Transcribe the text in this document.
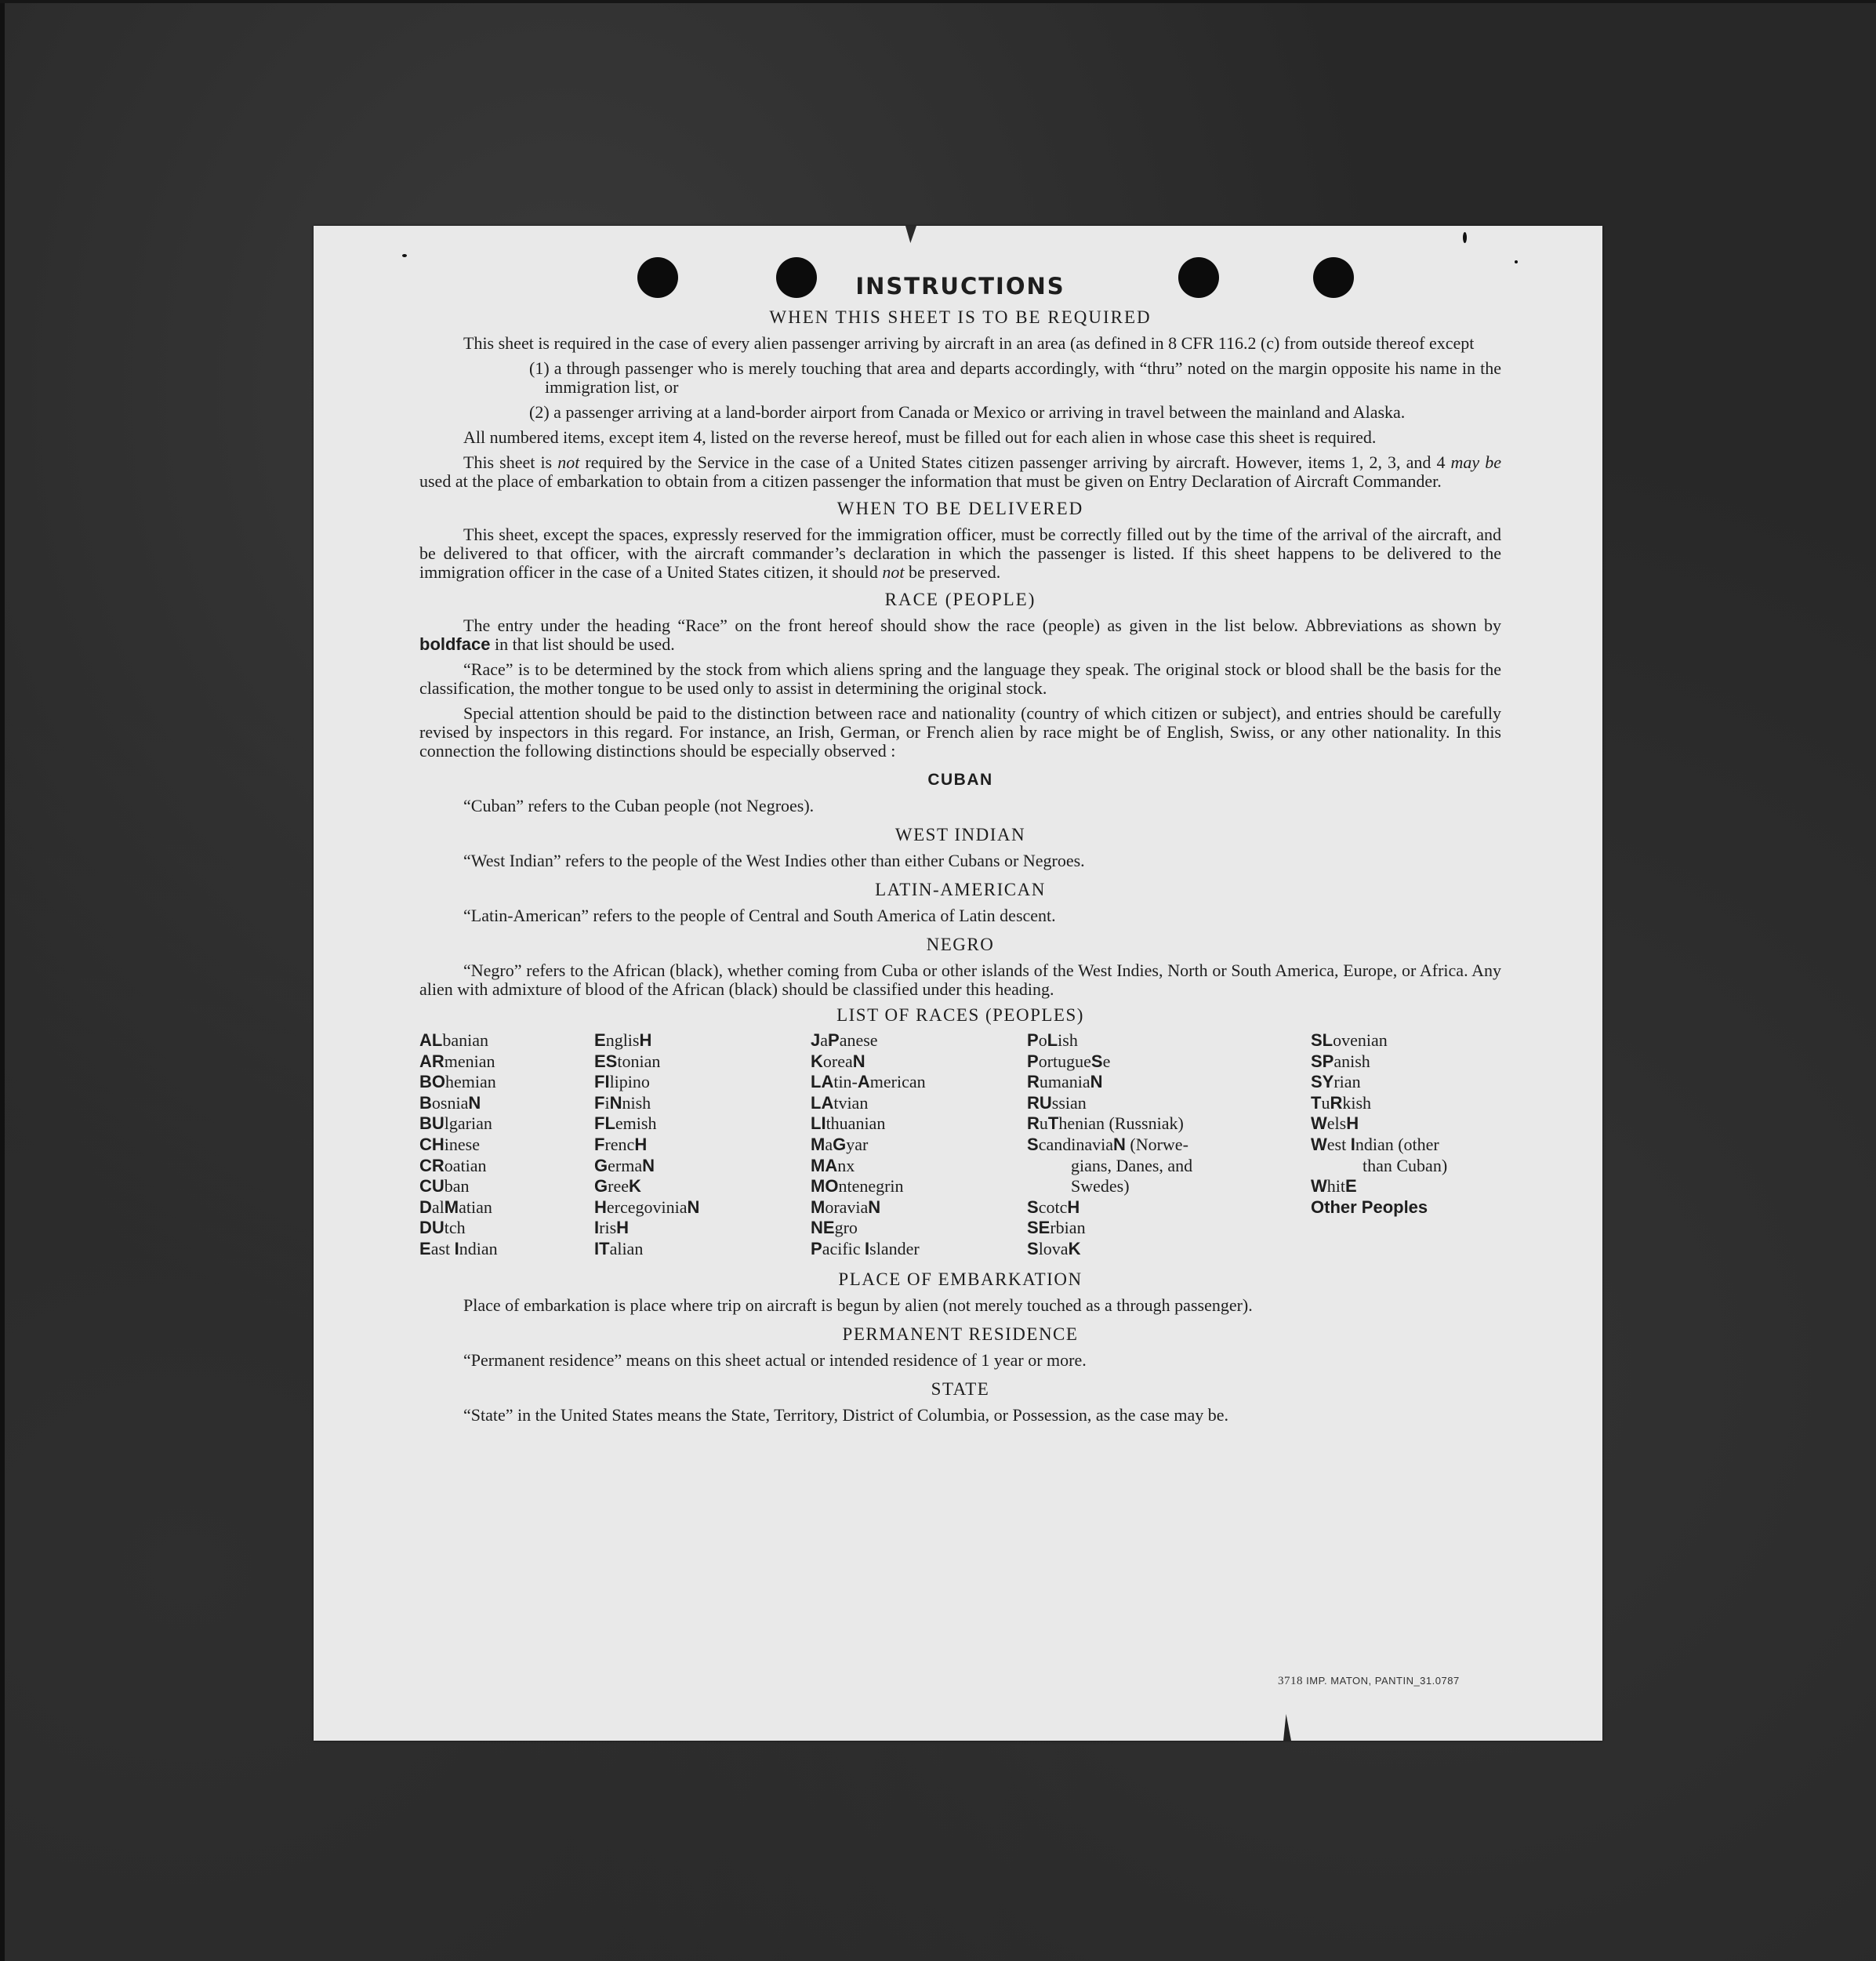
INSTRUCTIONS
WHEN THIS SHEET IS TO BE REQUIRED

This sheet is required in the case of every alien passenger arriving by aircraft in an area (as defined in 8 CFR 116.2 (c) from outside thereof except

(1) a through passenger who is merely touching that area and departs accordingly, with “thru” noted on the margin opposite his name in the immigration list, or

(2) a passenger arriving at a land-border airport from Canada or Mexico or arriving in travel between the mainland and Alaska.

All numbered items, except item 4, listed on the reverse hereof, must be filled out for each alien in whose case this sheet is required.

This sheet is not required by the Service in the case of a United States citizen passenger arriving by aircraft. However, items 1, 2, 3, and 4 may be used at the place of embarkation to obtain from a citizen passenger the information that must be given on Entry Declaration of Aircraft Commander.

WHEN TO BE DELIVERED

This sheet, except the spaces, expressly reserved for the immigration officer, must be correctly filled out by the time of the arrival of the aircraft, and be delivered to that officer, with the aircraft commander’s declaration in which the passenger is listed. If this sheet happens to be delivered to the immigration officer in the case of a United States citizen, it should not be preserved.

RACE (PEOPLE)

The entry under the heading “Race” on the front hereof should show the race (people) as given in the list below. Abbreviations as shown by boldface in that list should be used.

“Race” is to be determined by the stock from which aliens spring and the language they speak. The original stock or blood shall be the basis for the classification, the mother tongue to be used only to assist in determining the original stock.

Special attention should be paid to the distinction between race and nationality (country of which citizen or subject), and entries should be carefully revised by inspectors in this regard. For instance, an Irish, German, or French alien by race might be of English, Swiss, or any other nationality. In this connection the following distinctions should be especially observed :

CUBAN

“Cuban” refers to the Cuban people (not Negroes).

WEST INDIAN

“West Indian” refers to the people of the West Indies other than either Cubans or Negroes.

LATIN-AMERICAN

“Latin-American” refers to the people of Central and South America of Latin descent.

NEGRO

“Negro” refers to the African (black), whether coming from Cuba or other islands of the West Indies, North or South America, Europe, or Africa. Any alien with admixture of blood of the African (black) should be classified under this heading.

LIST OF RACES (PEOPLES)
ALbanian
ARmenian
BOhemian
BosniaN
BUlgarian
CHinese
CRoatian
CUban
DalMatian
DUtch
East Indian
EnglisH
EStonian
FIlipino
FiNnish
FLemish
FrencH
GermaN
GreeK
HercegoviniaN
IrisH
ITalian
JaPanese
KoreaN
LAtin-American
LAtvian
LIthuanian
MaGyar
MAnx
MOntenegrin
MoraviaN
NEgro
Pacific Islander
PoLish
PortugueSe
RumaniaN
RUssian
RuThenian (Russniak)
ScandinaviaN (Norwe-
gians, Danes, and
Swedes)
ScotcH
SErbian
SlovaK
SLovenian
SPanish
SYrian
TuRkish
WelsH
West Indian (other
than Cuban)
WhitE
Other Peoples
PLACE OF EMBARKATION

Place of embarkation is place where trip on aircraft is begun by alien (not merely touched as a through passenger).

PERMANENT RESIDENCE

“Permanent residence” means on this sheet actual or intended residence of 1 year or more.

STATE

“State” in the United States means the State, Territory, District of Columbia, or Possession, as the case may be.

3718 IMP. MATON, PANTIN_31.0787
